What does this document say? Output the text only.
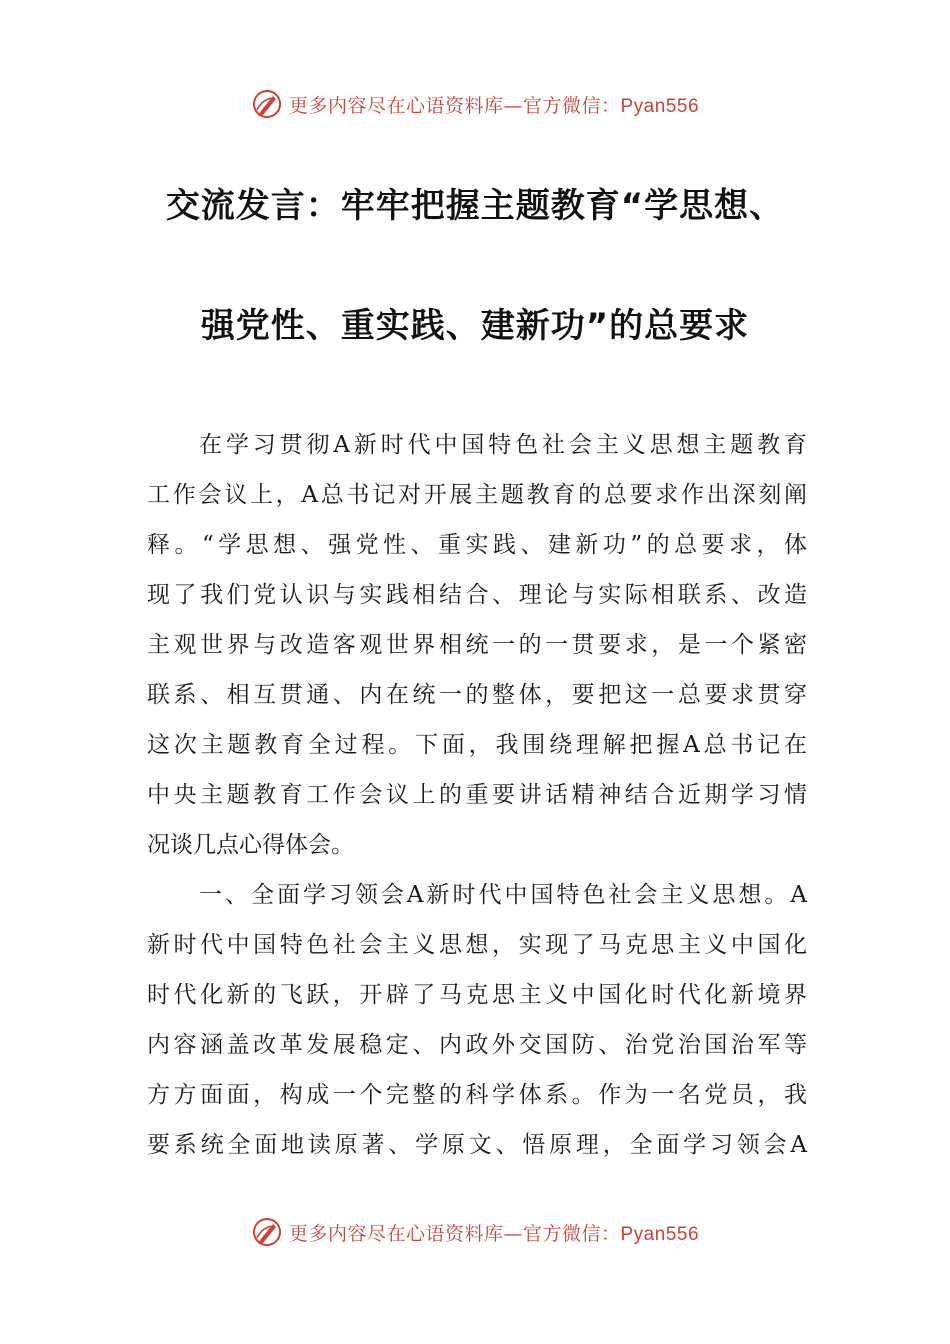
更多内容尽在心语资料库—官方微信：Pyan556
交流发言：牢牢把握主题教育“学思想、
强党性、重实践、建新功”的总要求
在学习贯彻A新时代中国特色社会主义思想主题教育
工作会议上，A总书记对开展主题教育的总要求作出深刻阐
释。“学思想、强党性、重实践、建新功”的总要求，体
现了我们党认识与实践相结合、理论与实际相联系、改造
主观世界与改造客观世界相统一的一贯要求，是一个紧密
联系、相互贯通、内在统一的整体，要把这一总要求贯穿
这次主题教育全过程。下面，我围绕理解把握A总书记在
中央主题教育工作会议上的重要讲话精神结合近期学习情
况谈几点心得体会。
一、全面学习领会A新时代中国特色社会主义思想。A
新时代中国特色社会主义思想，实现了马克思主义中国化
时代化新的飞跃，开辟了马克思主义中国化时代化新境界
内容涵盖改革发展稳定、内政外交国防、治党治国治军等
方方面面，构成一个完整的科学体系。作为一名党员，我
要系统全面地读原著、学原文、悟原理，全面学习领会A
更多内容尽在心语资料库—官方微信：Pyan556
